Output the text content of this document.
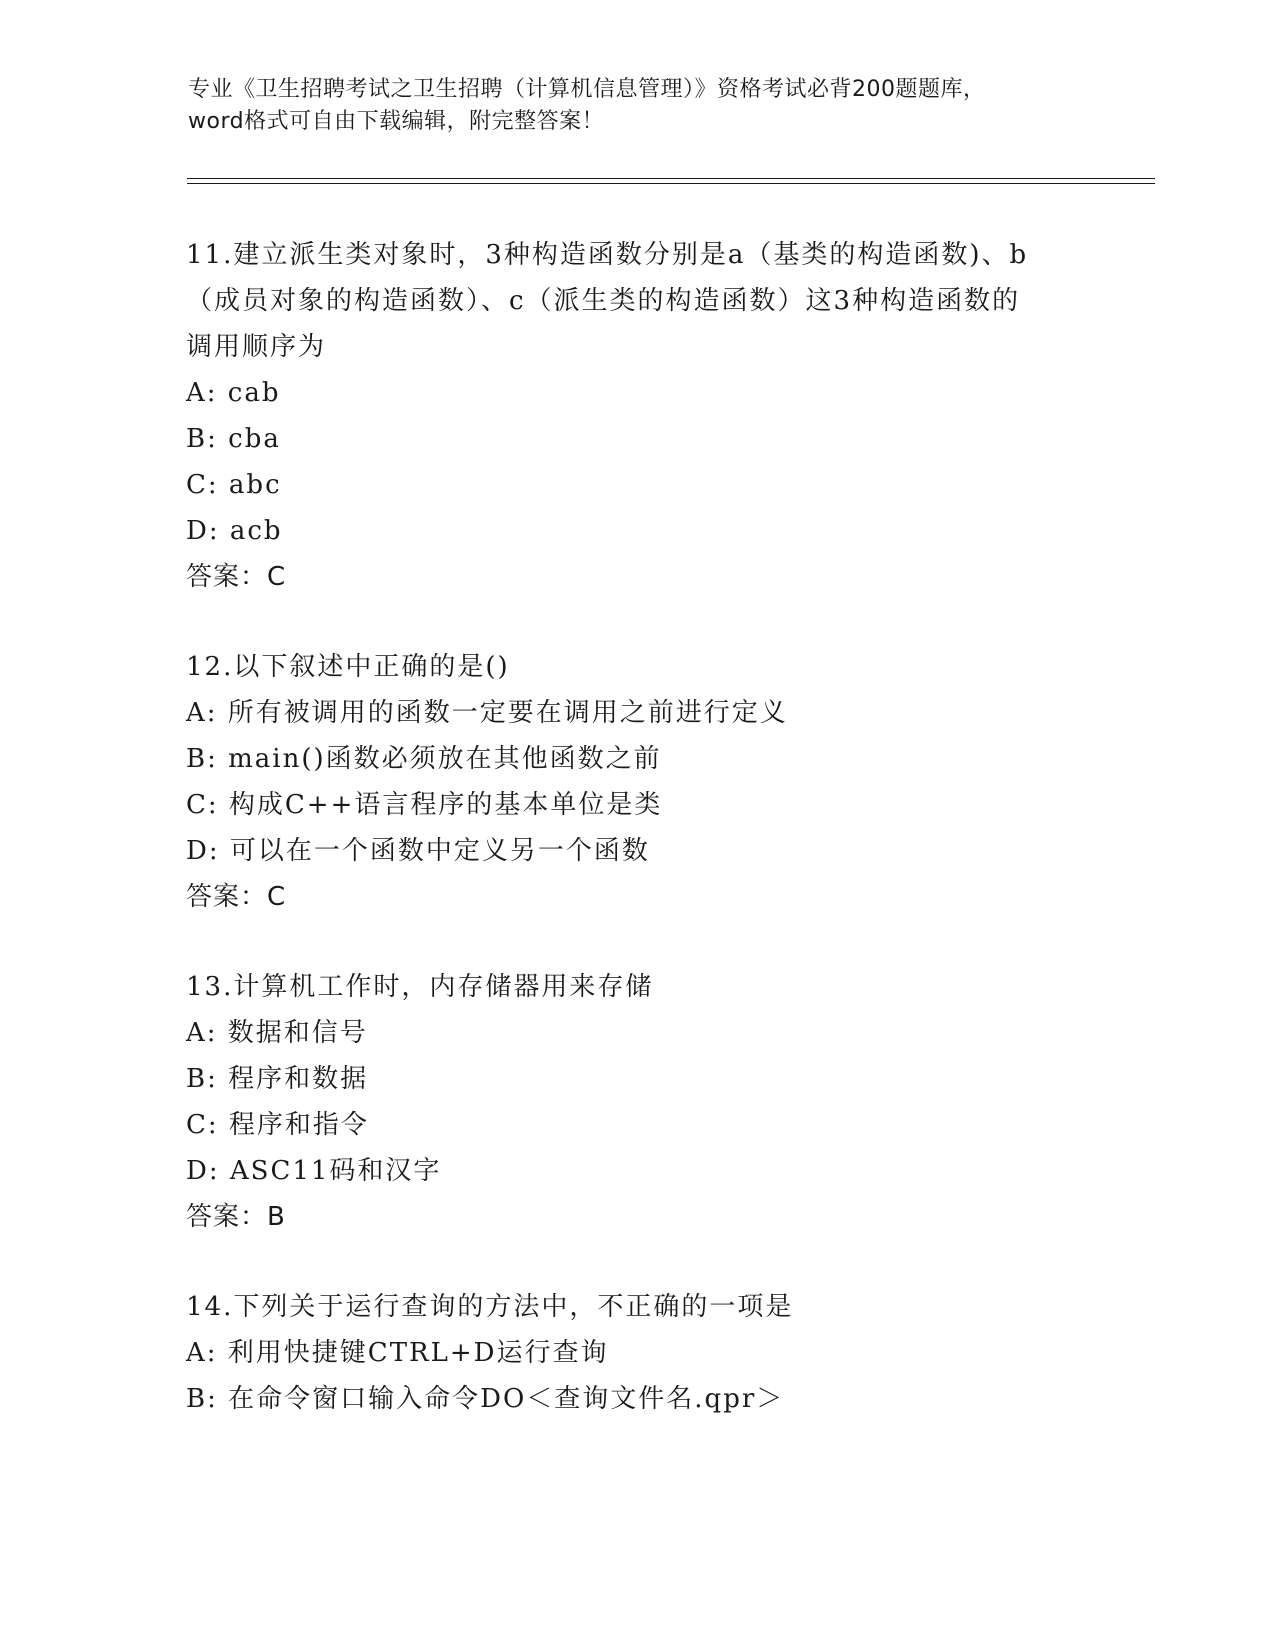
专业《卫生招聘考试之卫生招聘（计算机信息管理）》资格考试必背200题题库，
word格式可自由下载编辑，附完整答案！
11.建立派生类对象时，3种构造函数分别是a（基类的构造函数)、b
（成员对象的构造函数）、c（派生类的构造函数）这3种构造函数的
调用顺序为
A: cab
B: cba
C: abc
D: acb
答案：C
12.以下叙述中正确的是()
A: 所有被调用的函数一定要在调用之前进行定义
B: main()函数必须放在其他函数之前
C: 构成C++语言程序的基本单位是类
D: 可以在一个函数中定义另一个函数
答案：C
13.计算机工作时，内存储器用来存储
A: 数据和信号
B: 程序和数据
C: 程序和指令
D: ASC11码和汉字
答案：B
14.下列关于运行查询的方法中，不正确的一项是
A: 利用快捷键CTRL+D运行查询
B: 在命令窗口输入命令DO＜查询文件名.qpr＞
